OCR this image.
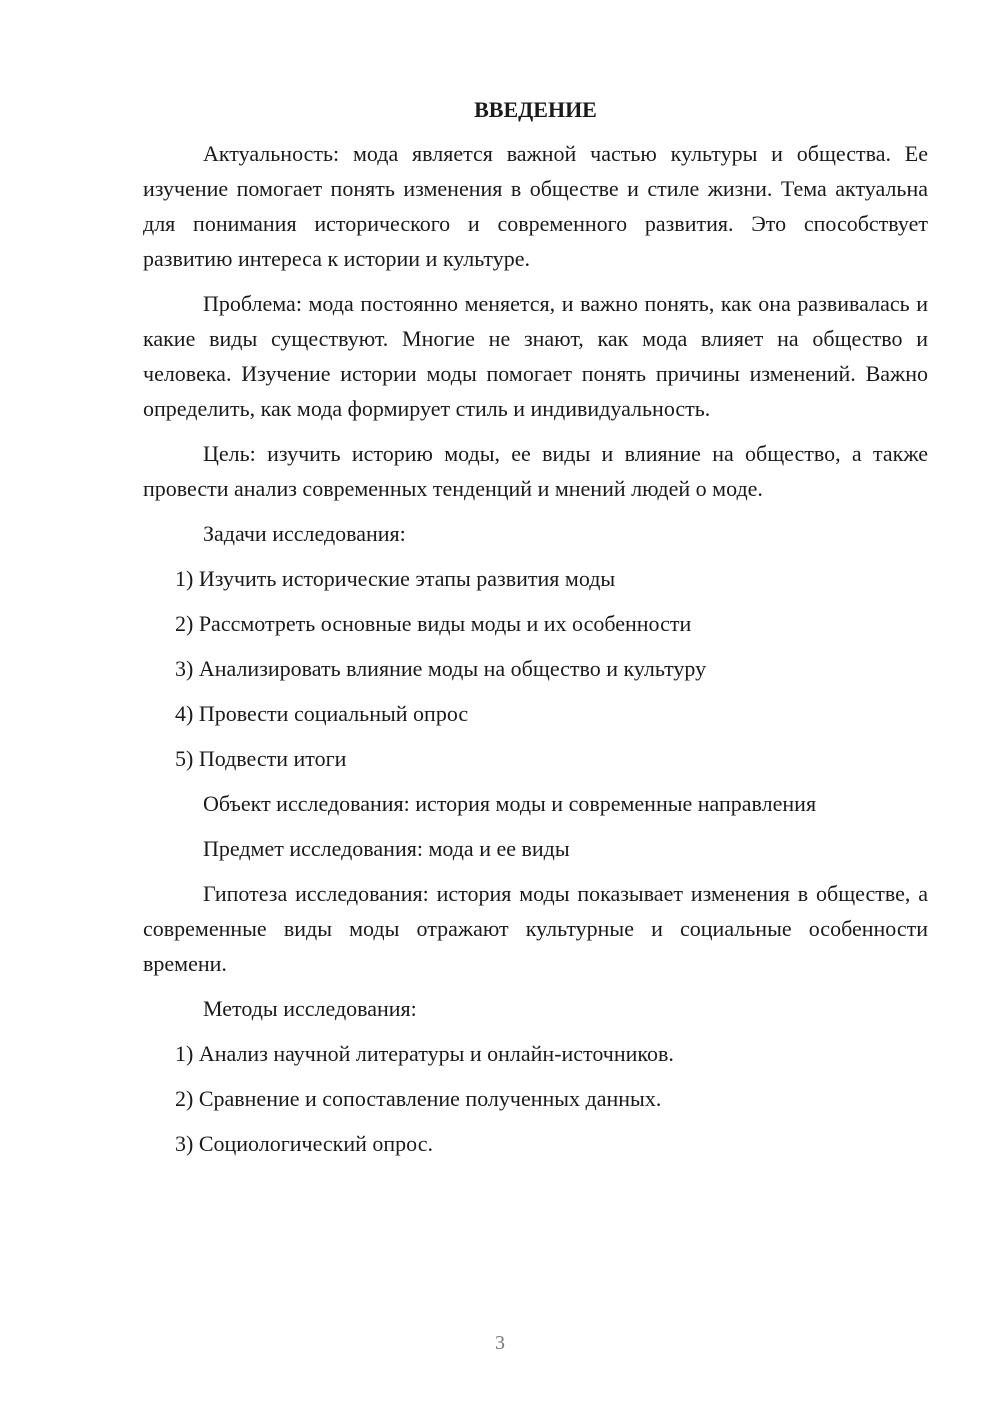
ВВЕДЕНИЕ
Актуальность: мода является важной частью культуры и общества. Ее изучение помогает понять изменения в обществе и стиле жизни. Тема актуальна для понимания исторического и современного развития. Это способствует развитию интереса к истории и культуре.
Проблема: мода постоянно меняется, и важно понять, как она развивалась и какие виды существуют. Многие не знают, как мода влияет на общество и человека. Изучение истории моды помогает понять причины изменений. Важно определить, как мода формирует стиль и индивидуальность.
Цель: изучить историю моды, ее виды и влияние на общество, а также провести анализ современных тенденций и мнений людей о моде.
Задачи исследования:
1) Изучить исторические этапы развития моды
2) Рассмотреть основные виды моды и их особенности
3) Анализировать влияние моды на общество и культуру
4) Провести социальный опрос
5) Подвести итоги
Объект исследования: история моды и современные направления
Предмет исследования: мода и ее виды
Гипотеза исследования: история моды показывает изменения в обществе, а современные виды моды отражают культурные и социальные особенности времени.
Методы исследования:
1) Анализ научной литературы и онлайн-источников.
2) Сравнение и сопоставление полученных данных.
3) Социологический опрос.
3
